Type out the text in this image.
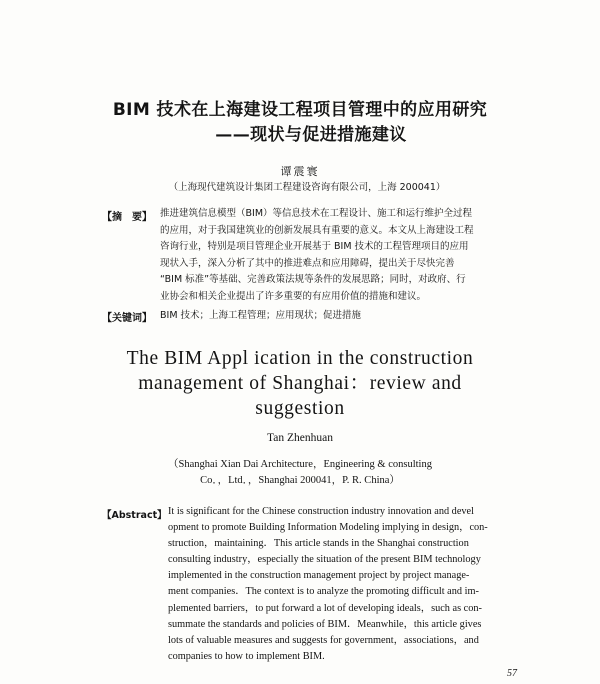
BIM 技术在上海建设工程项目管理中的应用研究
——现状与促进措施建议
谭震寰
（上海现代建筑设计集团工程建设咨询有限公司，上海 200041）
【摘　要】 推进建筑信息模型（BIM）等信息技术在工程设计、施工和运行维护全过程
的应用，对于我国建筑业的创新发展具有重要的意义。本文从上海建设工程
咨询行业，特别是项目管理企业开展基于 BIM 技术的工程管理项目的应用
现状入手，深入分析了其中的推进难点和应用障碍，提出关于尽快完善
“BIM 标准”等基础、完善政策法规等条件的发展思路；同时，对政府、行
业协会和相关企业提出了许多重要的有应用价值的措施和建议。
【关键词】 BIM 技术；上海工程管理；应用现状；促进措施
The BIM Appl ication in the construction
management of Shanghai：review and
suggestion
Tan Zhenhuan
（Shanghai Xian Dai Architecture，Engineering & consulting
Co．，Ltd．，Shanghai 200041，P. R. China）
【Abstract】 It is significant for the Chinese construction industry innovation and devel
opment to promote Building Information Modeling implying in design，con-
struction，maintaining．This article stands in the Shanghai construction
consulting industry，especially the situation of the present BIM technology
implemented in the construction management project by project manage-
ment companies．The context is to analyze the promoting difficult and im-
plemented barriers，to put forward a lot of developing ideals，such as con-
summate the standards and policies of BIM．Meanwhile，this article gives
lots of valuable measures and suggests for government，associations，and
companies to how to implement BIM.
57
